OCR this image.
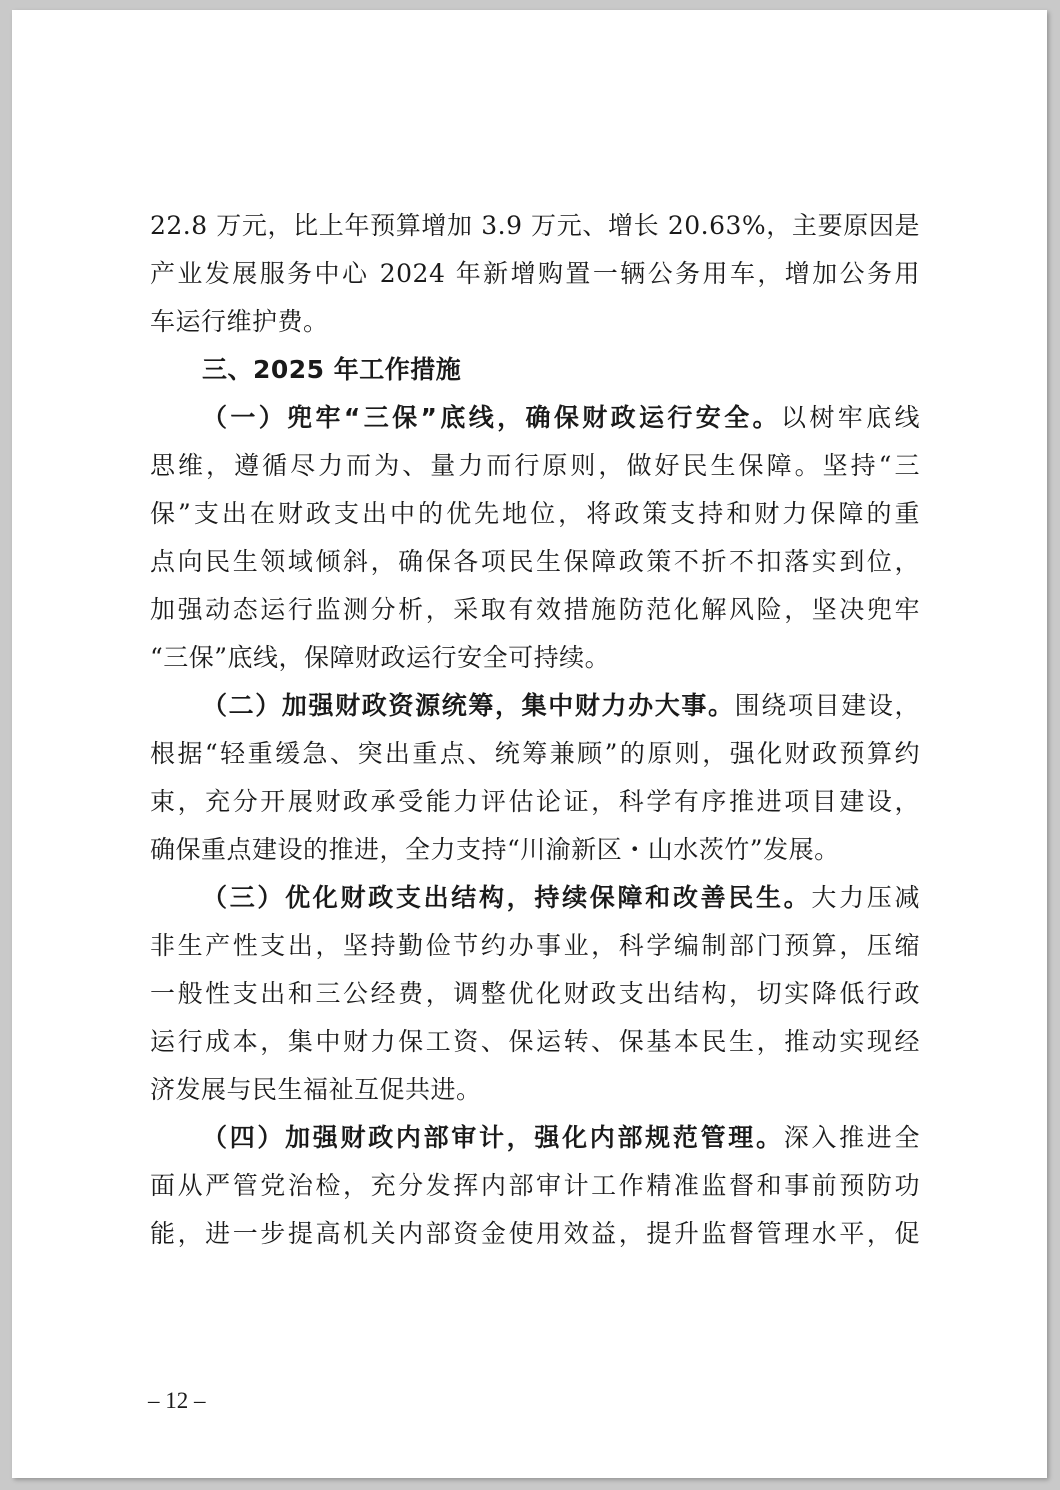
22.8 万元，比上年预算增加 3.9 万元、增长 20.63%，主要原因是
产业发展服务中心 2024 年新增购置一辆公务用车，增加公务用
车运行维护费。
三、2025 年工作措施
（一）兜牢“三保”底线，确保财政运行安全。以树牢底线
思维，遵循尽力而为、量力而行原则，做好民生保障。坚持“三
保”支出在财政支出中的优先地位，将政策支持和财力保障的重
点向民生领域倾斜，确保各项民生保障政策不折不扣落实到位，
加强动态运行监测分析，采取有效措施防范化解风险，坚决兜牢
“三保”底线，保障财政运行安全可持续。
（二）加强财政资源统筹，集中财力办大事。围绕项目建设，
根据“轻重缓急、突出重点、统筹兼顾”的原则，强化财政预算约
束，充分开展财政承受能力评估论证，科学有序推进项目建设，
确保重点建设的推进，全力支持“川渝新区・山水茨竹”发展。
（三）优化财政支出结构，持续保障和改善民生。大力压减
非生产性支出，坚持勤俭节约办事业，科学编制部门预算，压缩
一般性支出和三公经费，调整优化财政支出结构，切实降低行政
运行成本，集中财力保工资、保运转、保基本民生，推动实现经
济发展与民生福祉互促共进。
（四）加强财政内部审计，强化内部规范管理。深入推进全
面从严管党治检，充分发挥内部审计工作精准监督和事前预防功
能，进一步提高机关内部资金使用效益，提升监督管理水平，促
– 12 –
